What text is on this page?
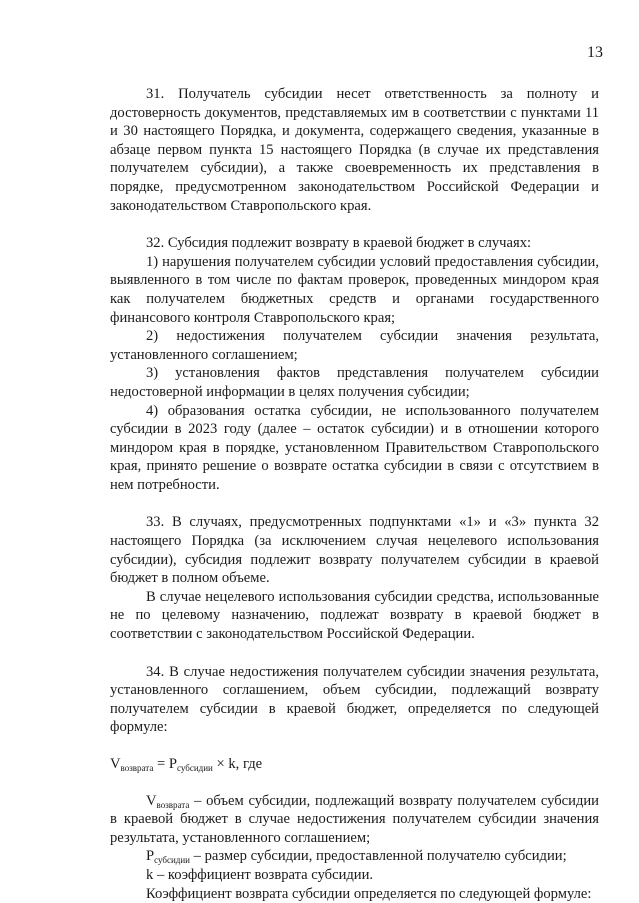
13

31. Получатель субсидии несет ответственность за полноту и достоверность документов, представляемых им в соответствии с пунктами 11 и 30 настоящего Порядка, и документа, содержащего сведения, указанные в абзаце первом пункта 15 настоящего Порядка (в случае их представления получателем субсидии), а также своевременность их представления в порядке, предусмотренном законодательством Российской Федерации и законодательством Ставропольского края.

32. Субсидия подлежит возврату в краевой бюджет в случаях:

1) нарушения получателем субсидии условий предоставления субсидии, выявленного в том числе по фактам проверок, проведенных миндором края как получателем бюджетных средств и органами государственного финансового контроля Ставропольского края;

2) недостижения получателем субсидии значения результата, установленного соглашением;

3) установления фактов представления получателем субсидии недостоверной информации в целях получения субсидии;

4) образования остатка субсидии, не использованного получателем субсидии в 2023 году (далее – остаток субсидии) и в отношении которого миндором края в порядке, установленном Правительством Ставропольского края, принято решение о возврате остатка субсидии в связи с отсутствием в нем потребности.

33. В случаях, предусмотренных подпунктами «1» и «3» пункта 32 настоящего Порядка (за исключением случая нецелевого использования субсидии), субсидия подлежит возврату получателем субсидии в краевой бюджет в полном объеме.

В случае нецелевого использования субсидии средства, использованные не по целевому назначению, подлежат возврату в краевой бюджет в соответствии с законодательством Российской Федерации.

34. В случае недостижения получателем субсидии значения результата, установленного соглашением, объем субсидии, подлежащий возврату получателем субсидии в краевой бюджет, определяется по следующей формуле:

$V_{возврата} = P_{субсидии} \times k$, где

$V_{возврата}$ – объем субсидии, подлежащий возврату получателем субсидии в краевой бюджет в случае недостижения получателем субсидии значения результата, установленного соглашением;

$P_{субсидии}$ – размер субсидии, предоставленной получателю субсидии;

k – коэффициент возврата субсидии.

Коэффициент возврата субсидии определяется по следующей формуле:
